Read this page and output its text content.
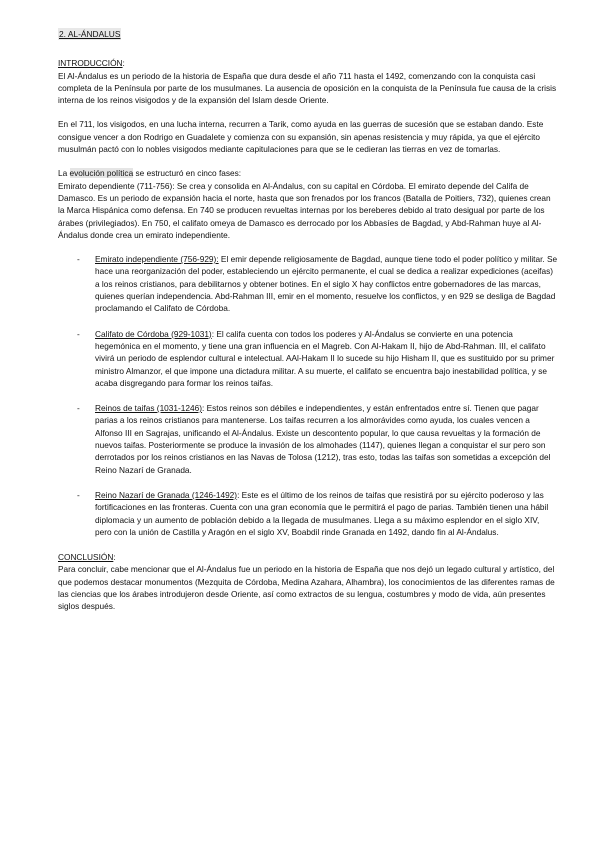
2. AL-ÁNDALUS
INTRODUCCIÓN:

El Al-Ándalus es un periodo de la historia de España que dura desde el año 711 hasta el 1492, comenzando con la conquista casi completa de la Península por parte de los musulmanes. La ausencia de oposición en la conquista de la Península fue causa de la crisis interna de los reinos visigodos y de la expansión del Islam desde Oriente.

En el 711, los visigodos, en una lucha interna, recurren a Tarik, como ayuda en las guerras de sucesión que se estaban dando. Este consigue vencer a don Rodrigo en Guadalete y comienza con su expansión, sin apenas resistencia y muy rápida, ya que el ejército musulmán pactó con lo nobles visigodos mediante capitulaciones para que se le cedieran las tierras en vez de tomarlas.

La evolución política se estructuró en cinco fases:

Emirato dependiente (711-756): Se crea y consolida en Al-Ándalus, con su capital en Córdoba. El emirato depende del Califa de Damasco. Es un periodo de expansión hacia el norte, hasta que son frenados por los francos (Batalla de Poitiers, 732), quienes crean la Marca Hispánica como defensa. En 740 se producen revueltas internas por los bereberes debido al trato desigual por parte de los árabes (privilegiados). En 750, el califato omeya de Damasco es derrocado por los Abbasíes de Bagdad, y Abd-Rahman huye al Al-Ándalus donde crea un emirato independiente.

- Emirato independiente (756-929): El emir depende religiosamente de Bagdad, aunque tiene todo el poder político y militar. Se hace una reorganización del poder, estableciendo un ejército permanente, el cual se dedica a realizar expediciones (aceifas) a los reinos cristianos, para debilitarnos y obtener botines. En el siglo X hay conflictos entre gobernadores de las marcas, quienes querían independencia. Abd-Rahman III, emir en el momento, resuelve los conflictos, y en 929 se desliga de Bagdad proclamando el Califato de Córdoba.
- Califato de Córdoba (929-1031): El califa cuenta con todos los poderes y Al-Ándalus se convierte en una potencia hegemónica en el momento, y tiene una gran influencia en el Magreb. Con Al-Hakam II, hijo de Abd-Rahman. III, el califato vivirá un periodo de esplendor cultural e intelectual. AAl-Hakam II lo sucede su hijo Hisham II, que es sustituido por su primer ministro Almanzor, el que impone una dictadura militar. A su muerte, el califato se encuentra bajo inestabilidad política, y se acaba disgregando para formar los reinos taifas.
- Reinos de taifas (1031-1246): Estos reinos son débiles e independientes, y están enfrentados entre sí. Tienen que pagar parias a los reinos cristianos para mantenerse. Los taifas recurren a los almorávides como ayuda, los cuales vencen a Alfonso III en Sagrajas, unificando el Al-Ándalus. Existe un descontento popular, lo que causa revueltas y la formación de nuevos taifas. Posteriormente se produce la invasión de los almohades (1147), quienes llegan a conquistar el sur pero son derrotados por los reinos cristianos en las Navas de Tolosa (1212), tras esto, todas las taifas son sometidas a excepción del Reino Nazarí de Granada.
- Reino Nazarí de Granada (1246-1492): Este es el último de los reinos de taifas que resistirá por su ejército poderoso y las fortificaciones en las fronteras. Cuenta con una gran economía que le permitirá el pago de parias. También tienen una hábil diplomacia y un aumento de población debido a la llegada de musulmanes. Llega a su máximo esplendor en el siglo XIV, pero con la unión de Castilla y Aragón en el siglo XV, Boabdil rinde Granada en 1492, dando fin al Al-Ándalus.
CONCLUSIÓN:

Para concluir, cabe mencionar que el Al-Ándalus fue un periodo en la historia de España que nos dejó un legado cultural y artístico, del que podemos destacar monumentos (Mezquita de Córdoba, Medina Azahara, Alhambra), los conocimientos de las diferentes ramas de las ciencias que los árabes introdujeron desde Oriente, así como extractos de su lengua, costumbres y modo de vida, aún presentes siglos después.
